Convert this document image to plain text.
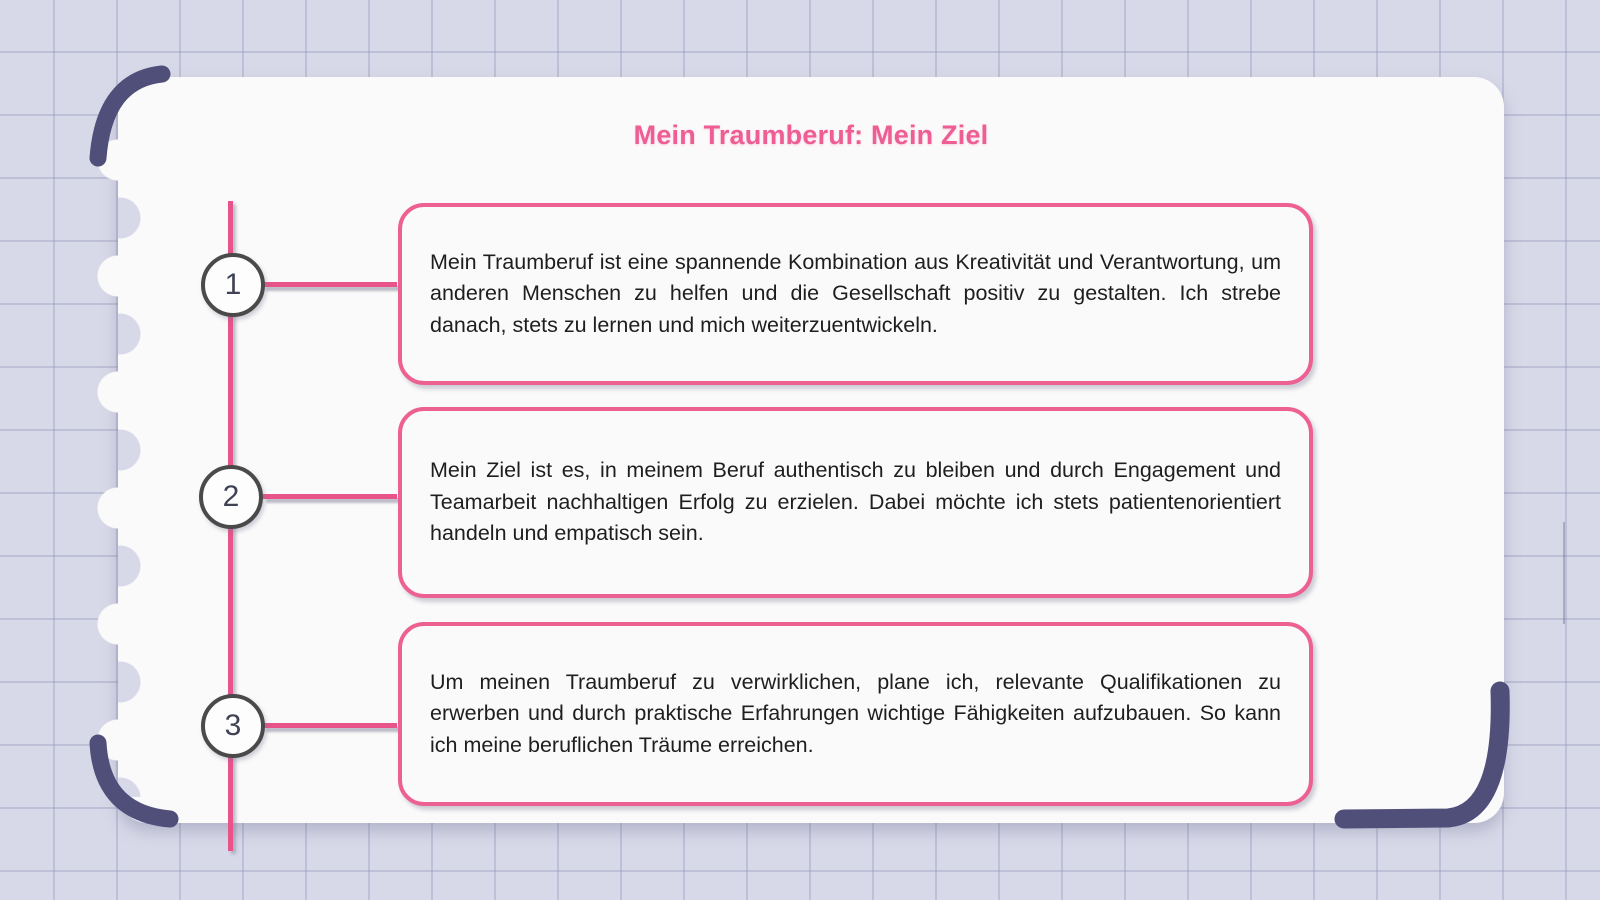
Mein Traumberuf: Mein Ziel
1
2
3

Mein Traumberuf ist eine spannende Kombination aus Kreativität und Verantwortung, um anderen Menschen zu helfen und die Gesellschaft positiv zu gestalten. Ich strebe danach, stets zu lernen und mich weiterzuentwickeln.

Mein Ziel ist es, in meinem Beruf authentisch zu bleiben und durch Engagement und Teamarbeit nachhaltigen Erfolg zu erzielen. Dabei möchte ich stets patientenorientiert handeln und empatisch sein.

Um meinen Traumberuf zu verwirklichen, plane ich, relevante Qualifikationen zu erwerben und durch praktische Erfahrungen wichtige Fähigkeiten aufzubauen. So kann ich meine beruflichen Träume erreichen.
